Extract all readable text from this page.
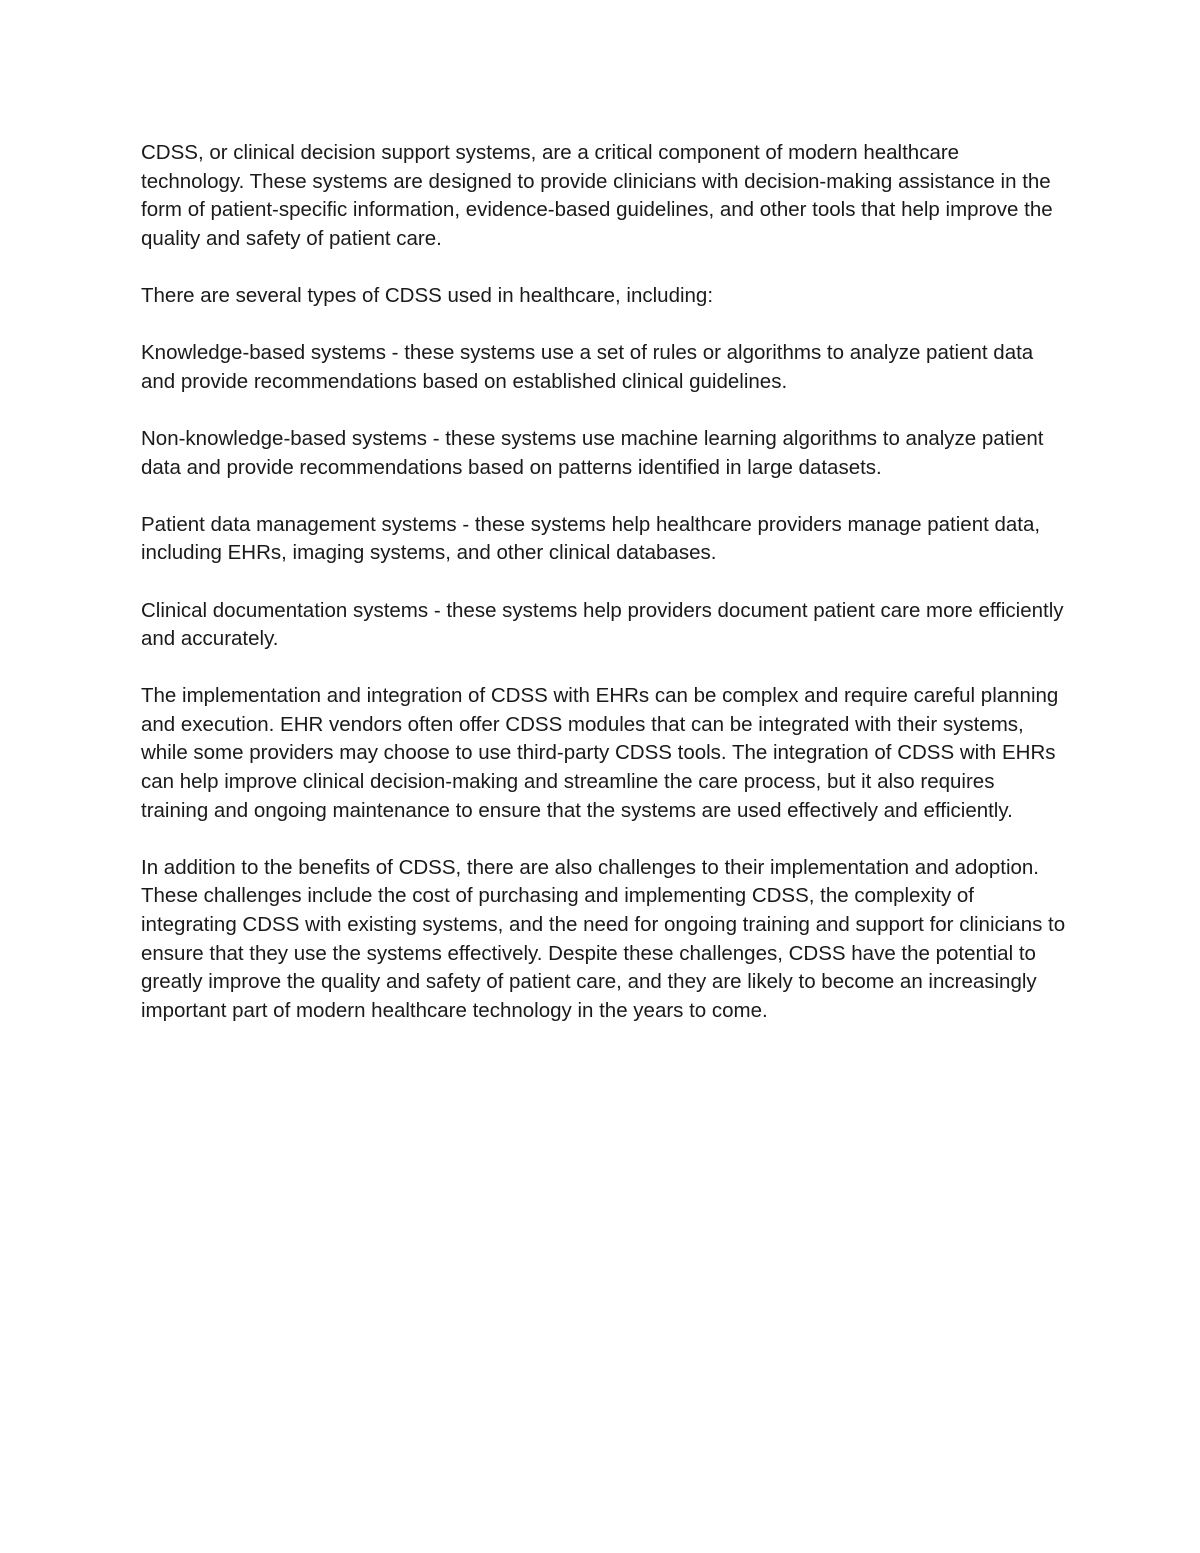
CDSS, or clinical decision support systems, are a critical component of modern healthcare technology. These systems are designed to provide clinicians with decision-making assistance in the form of patient-specific information, evidence-based guidelines, and other tools that help improve the quality and safety of patient care.

There are several types of CDSS used in healthcare, including:

Knowledge-based systems - these systems use a set of rules or algorithms to analyze patient data and provide recommendations based on established clinical guidelines.

Non-knowledge-based systems - these systems use machine learning algorithms to analyze patient data and provide recommendations based on patterns identified in large datasets.

Patient data management systems - these systems help healthcare providers manage patient data, including EHRs, imaging systems, and other clinical databases.

Clinical documentation systems - these systems help providers document patient care more efficiently and accurately.

The implementation and integration of CDSS with EHRs can be complex and require careful planning and execution. EHR vendors often offer CDSS modules that can be integrated with their systems, while some providers may choose to use third-party CDSS tools. The integration of CDSS with EHRs can help improve clinical decision-making and streamline the care process, but it also requires training and ongoing maintenance to ensure that the systems are used effectively and efficiently.

In addition to the benefits of CDSS, there are also challenges to their implementation and adoption. These challenges include the cost of purchasing and implementing CDSS, the complexity of integrating CDSS with existing systems, and the need for ongoing training and support for clinicians to ensure that they use the systems effectively. Despite these challenges, CDSS have the potential to greatly improve the quality and safety of patient care, and they are likely to become an increasingly important part of modern healthcare technology in the years to come.
